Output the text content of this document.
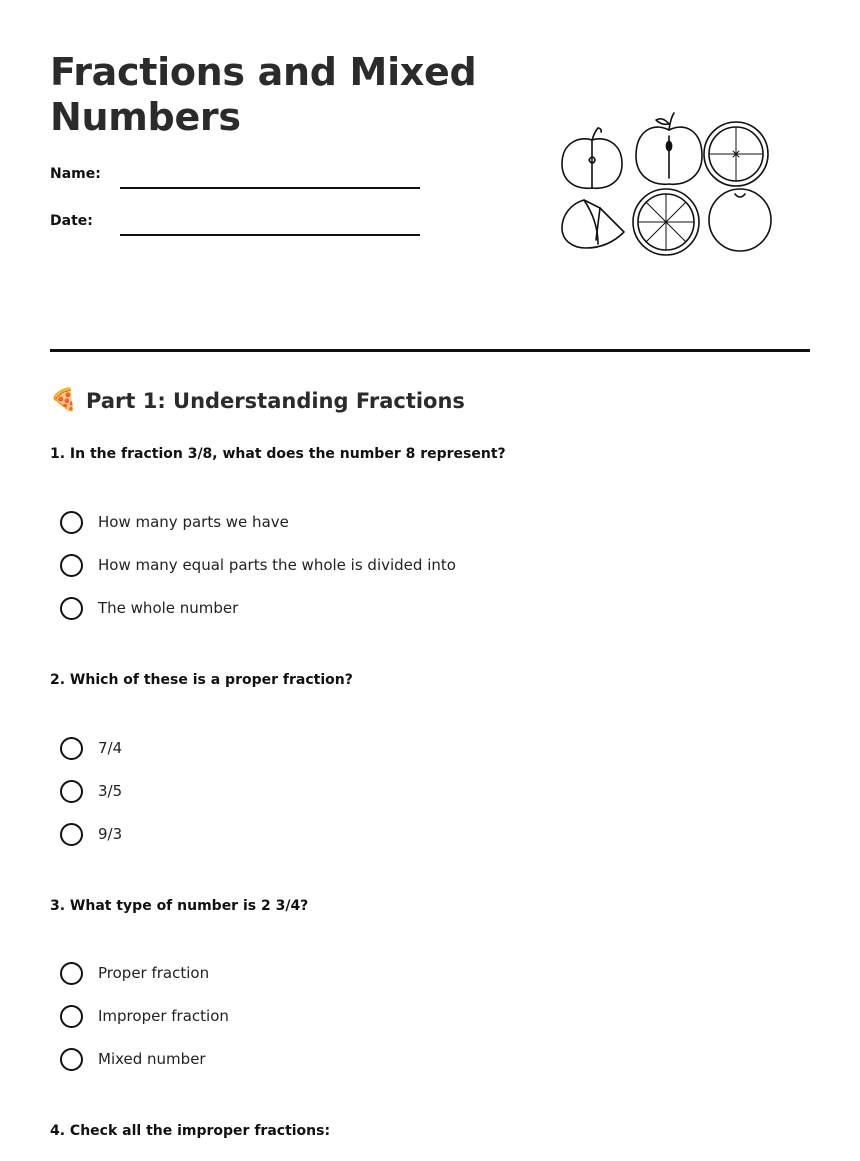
Fractions and Mixed Numbers
Name:
Date:
🍕 Part 1: Understanding Fractions

1. In the fraction 3/8, what does the number 8 represent?

How many parts we have
How many equal parts the whole is divided into
The whole number

2. Which of these is a proper fraction?

7/4
3/5
9/3

3. What type of number is 2 3/4?

Proper fraction
Improper fraction
Mixed number

4. Check all the improper fractions:
